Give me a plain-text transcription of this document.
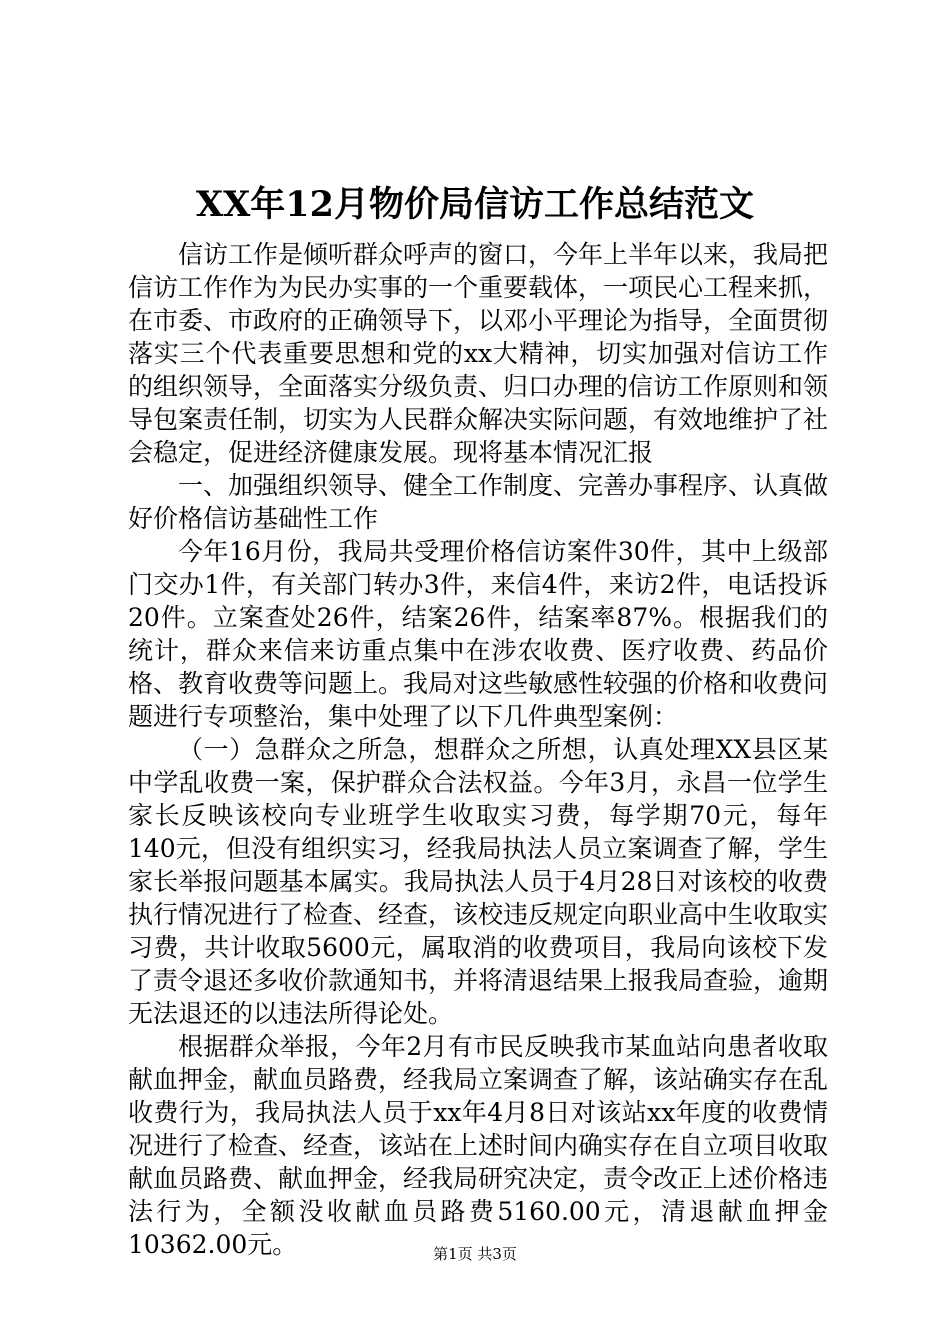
XX年12月物价局信访工作总结范文

信访工作是倾听群众呼声的窗口，今年上半年以来，我局把信访工作作为为民办实事的一个重要载体，一项民心工程来抓，在市委、市政府的正确领导下，以邓小平理论为指导，全面贯彻落实三个代表重要思想和党的xx大精神，切实加强对信访工作的组织领导，全面落实分级负责、归口办理的信访工作原则和领导包案责任制，切实为人民群众解决实际问题，有效地维护了社会稳定，促进经济健康发展。现将基本情况汇报

一、加强组织领导、健全工作制度、完善办事程序、认真做好价格信访基础性工作

今年16月份，我局共受理价格信访案件30件，其中上级部门交办1件，有关部门转办3件，来信4件，来访2件，电话投诉20件。立案查处26件，结案26件，结案率87%。根据我们的统计，群众来信来访重点集中在涉农收费、医疗收费、药品价格、教育收费等问题上。我局对这些敏感性较强的价格和收费问题进行专项整治，集中处理了以下几件典型案例：

（一）急群众之所急，想群众之所想，认真处理XX县区某中学乱收费一案，保护群众合法权益。今年3月，永昌一位学生家长反映该校向专业班学生收取实习费，每学期70元，每年140元，但没有组织实习，经我局执法人员立案调查了解，学生家长举报问题基本属实。我局执法人员于4月28日对该校的收费执行情况进行了检查、经查，该校违反规定向职业高中生收取实习费，共计收取5600元，属取消的收费项目，我局向该校下发了责令退还多收价款通知书，并将清退结果上报我局查验，逾期无法退还的以违法所得论处。

根据群众举报，今年2月有市民反映我市某血站向患者收取献血押金，献血员路费，经我局立案调查了解，该站确实存在乱收费行为，我局执法人员于xx年4月8日对该站xx年度的收费情况进行了检查、经查，该站在上述时间内确实存在自立项目收取献血员路费、献血押金，经我局研究决定，责令改正上述价格违法行为，全额没收献血员路费5160.00元，清退献血押金10362.00元。	第1页 共3页
